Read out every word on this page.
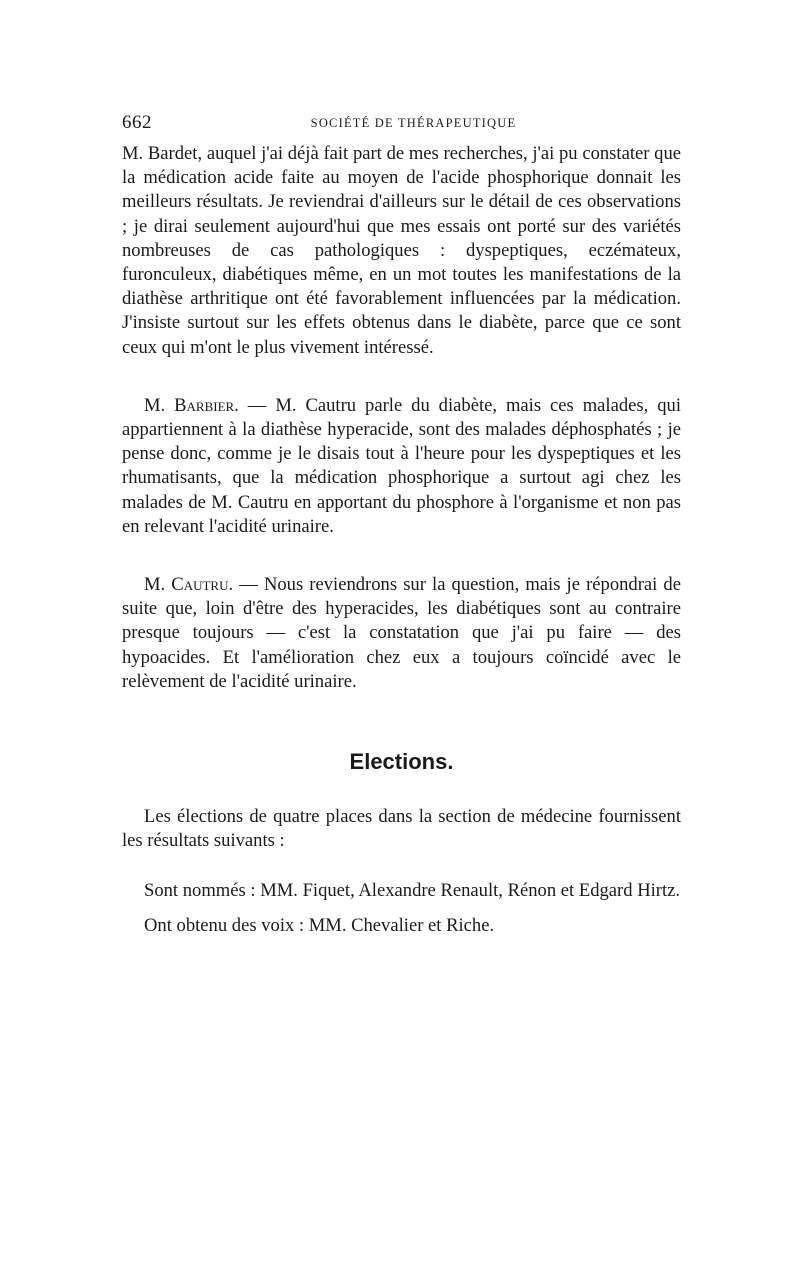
662	SOCIÉTÉ DE THÉRAPEUTIQUE

M. Bardet, auquel j'ai déjà fait part de mes recherches, j'ai pu constater que la médication acide faite au moyen de l'acide phosphorique donnait les meilleurs résultats. Je reviendrai d'ailleurs sur le détail de ces observations ; je dirai seulement aujourd'hui que mes essais ont porté sur des variétés nombreuses de cas pathologiques : dyspeptiques, eczémateux, furonculeux, diabétiques même, en un mot toutes les manifestations de la diathèse arthritique ont été favorablement influencées par la médication. J'insiste surtout sur les effets obtenus dans le diabète, parce que ce sont ceux qui m'ont le plus vivement intéressé.

M. Barbier. — M. Cautru parle du diabète, mais ces malades, qui appartiennent à la diathèse hyperacide, sont des malades déphosphatés ; je pense donc, comme je le disais tout à l'heure pour les dyspeptiques et les rhumatisants, que la médication phosphorique a surtout agi chez les malades de M. Cautru en apportant du phosphore à l'organisme et non pas en relevant l'acidité urinaire.

M. Cautru. — Nous reviendrons sur la question, mais je répondrai de suite que, loin d'être des hyperacides, les diabétiques sont au contraire presque toujours — c'est la constatation que j'ai pu faire — des hypoacides. Et l'amélioration chez eux a toujours coïncidé avec le relèvement de l'acidité urinaire.

Elections.

Les élections de quatre places dans la section de médecine fournissent les résultats suivants :

Sont nommés : MM. Fiquet, Alexandre Renault, Rénon et Edgard Hirtz.

Ont obtenu des voix : MM. Chevalier et Riche.
